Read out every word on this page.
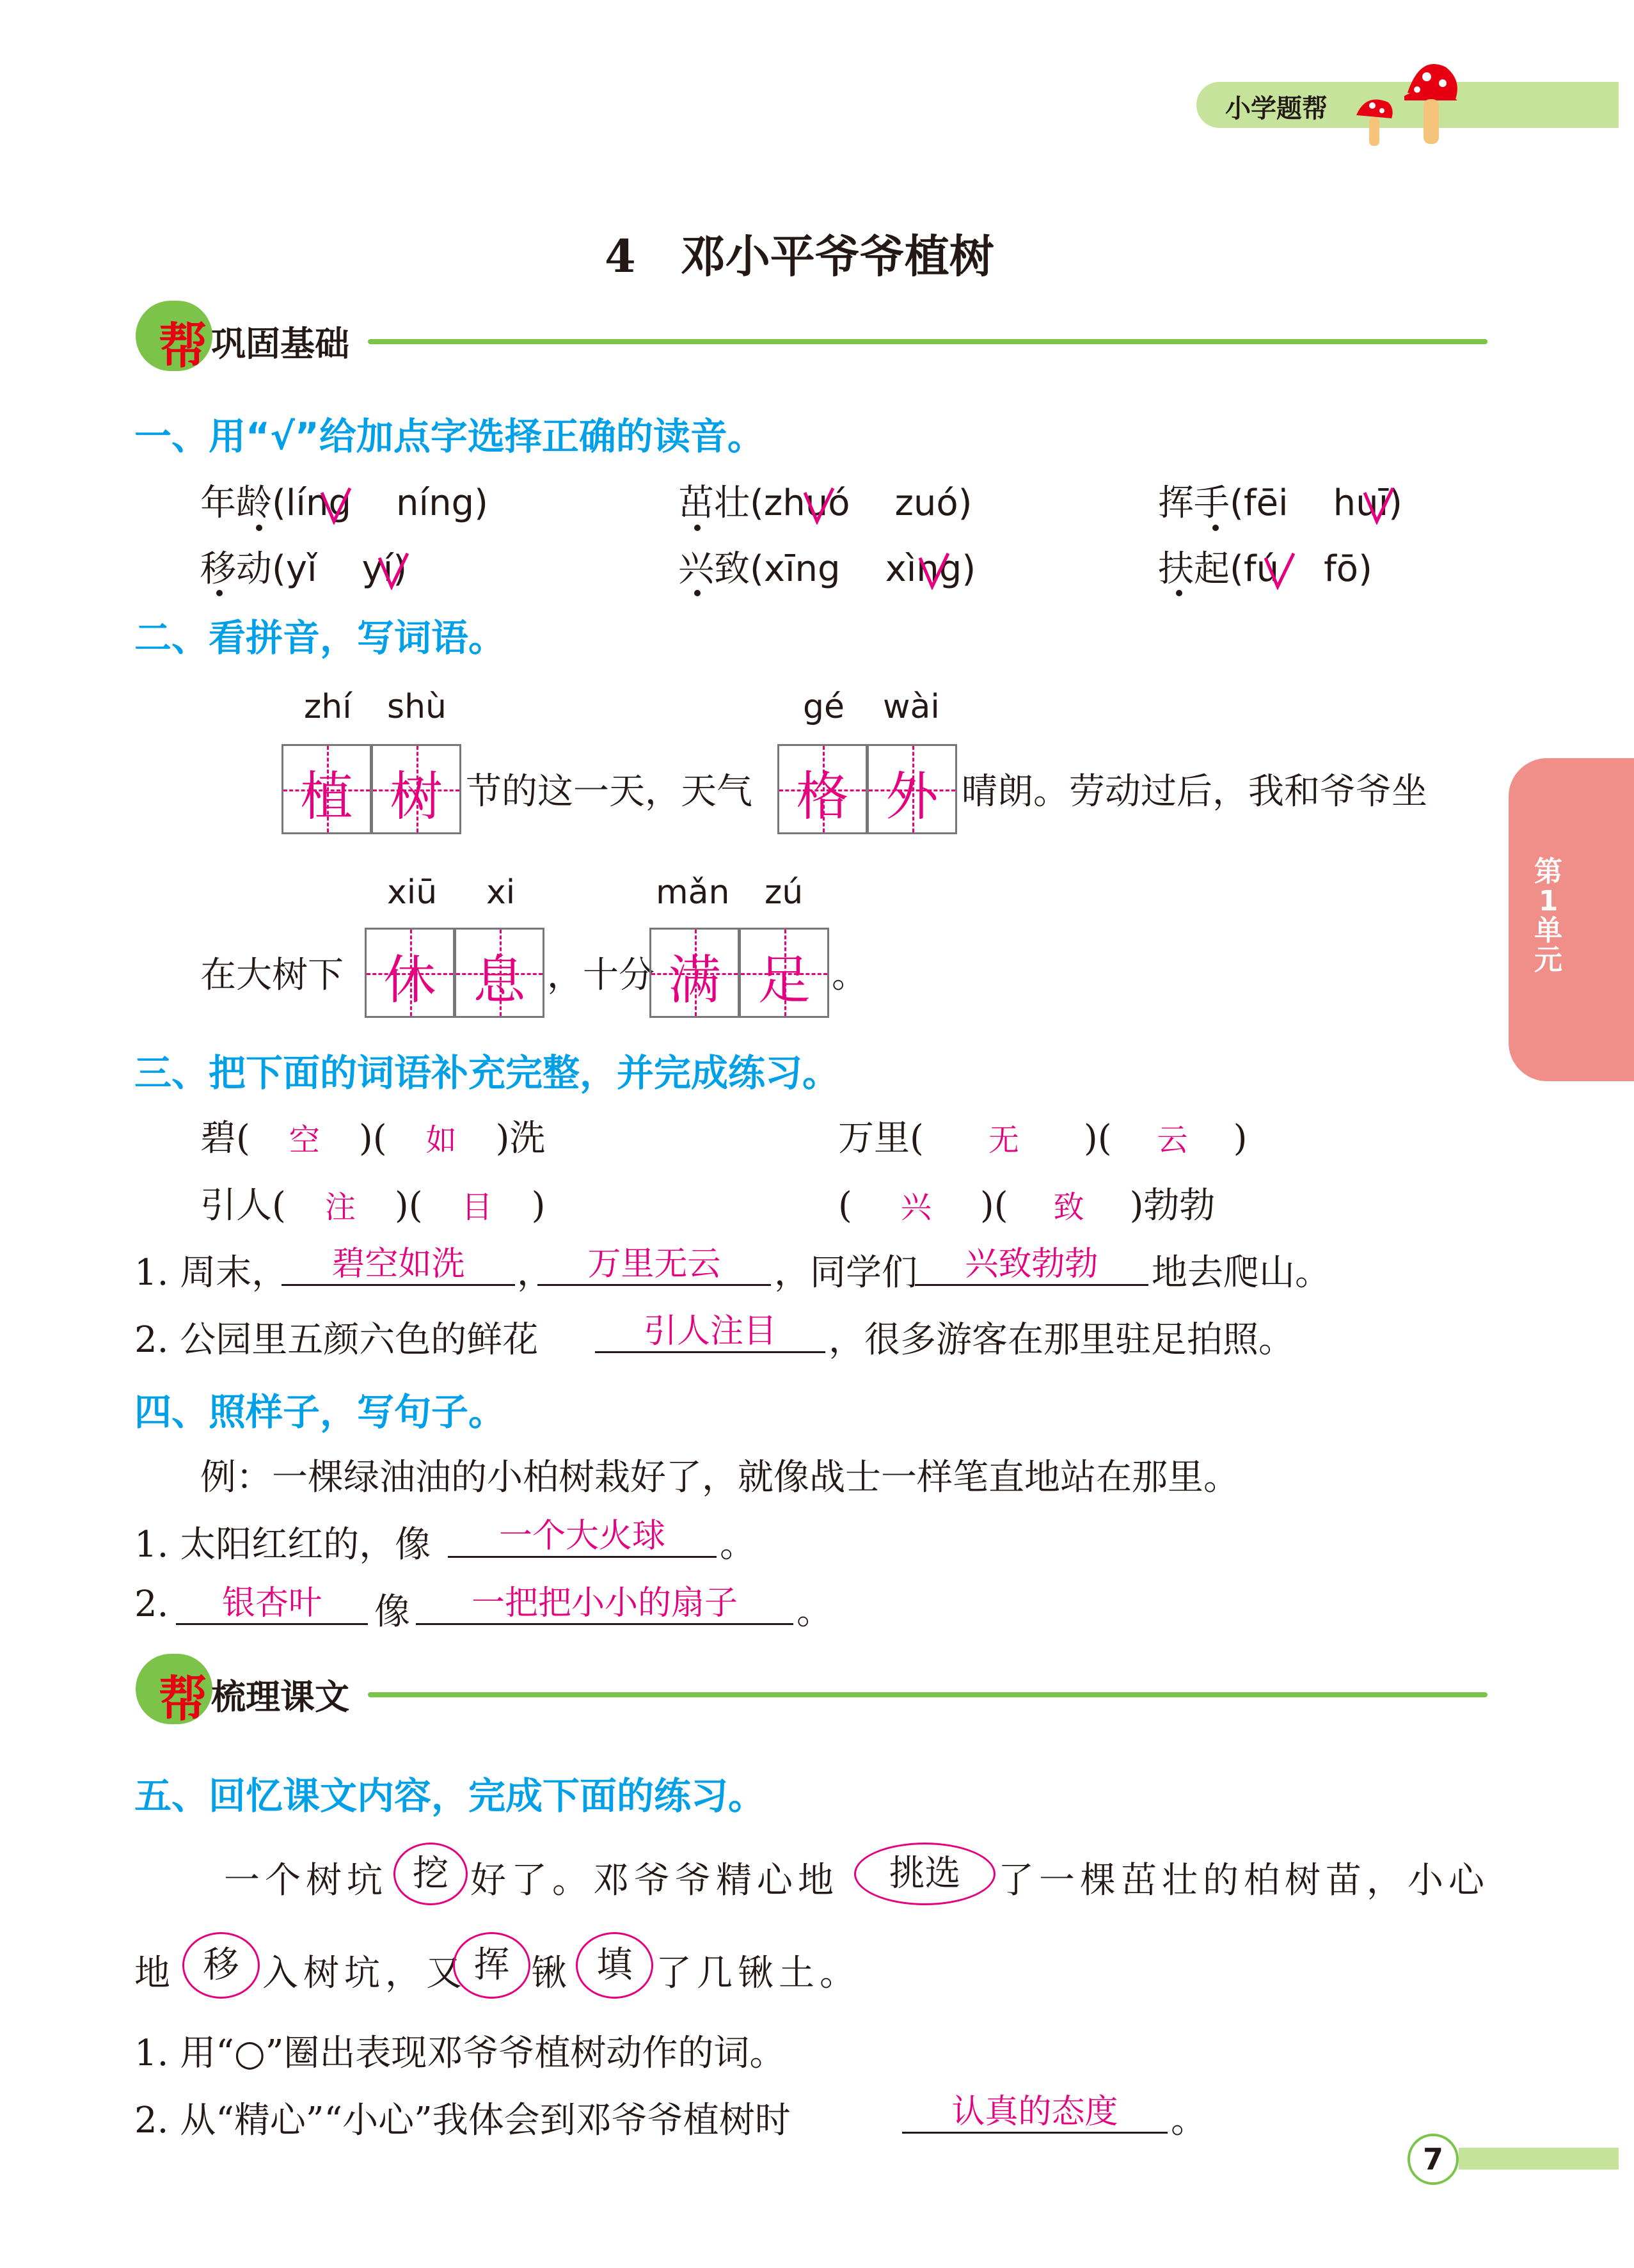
小学题帮
第
1
单
元
4 邓小平爷爷植树
帮 巩固基础
一、用“√”给加点字选择正确的读音。
年龄(líng níng)	茁壮(zhuó zuó)	挥手(fēi huī)
移动(yǐ yí)	兴致(xīng xìng)	扶起(fú fō)
二、看拼音，写词语。
zhí shù	gé wài
植 树 节的这一天，天气 格 外 晴朗。劳动过后，我和爷爷坐
xiū xi	mǎn zú
在大树下 休 息 ，十分 满 足 。
三、把下面的词语补充完整，并完成练习。
碧( 空 )( 如 )洗	万里( 无 )( 云 )
引人( 注 )( 目 )	( 兴 )( 致 )勃勃
1. 周末，	碧空如洗	，	万里无云	，同学们	兴致勃勃	地去爬山。
2. 公园里五颜六色的鲜花	引人注目	，很多游客在那里驻足拍照。
四、照样子，写句子。
例：一棵绿油油的小柏树栽好了，就像战士一样笔直地站在那里。
1. 太阳红红的，像	一个大火球	。
2.	银杏叶	像	一把把小小的扇子	。
帮 梳理课文
五、回忆课文内容，完成下面的练习。
一个树坑 挖 好了。邓爷爷精心地	挑选	了一棵茁壮的柏树苗，小心
地 移 入树坑，又 挥 锹 填 了几锹土。
1. 用“○”圈出表现邓爷爷植树动作的词。
2. 从“精心”“小心”我体会到邓爷爷植树时	认真的态度	。
7
